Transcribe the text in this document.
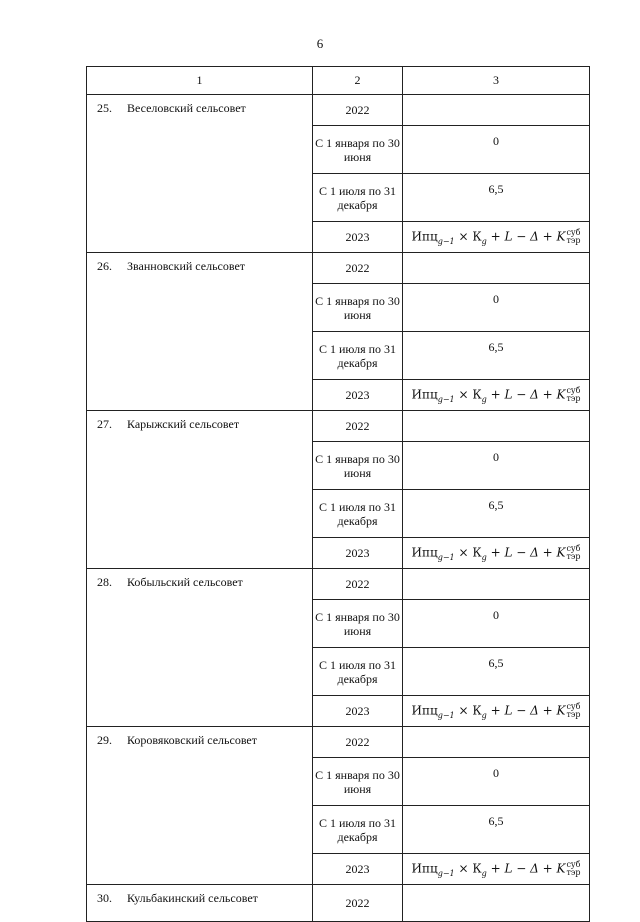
6
1	2	3
25. Веселовский сельсовет	2022	
	С 1 января по 30 июня	0
	С 1 июля по 31 декабря	6,5
	2023	$Ипц_{g-1} \times К_g + L - \Delta$ + Kсуб
тэр
26. Званновский сельсовет	2022	
	С 1 января по 30 июня	0
	С 1 июля по 31 декабря	6,5
	2023	$Ипц_{g-1} \times К_g + L - \Delta$ + Kсуб
тэр
27. Карыжский сельсовет	2022	
	С 1 января по 30 июня	0
	С 1 июля по 31 декабря	6,5
	2023	$Ипц_{g-1} \times К_g + L - \Delta$ + Kсуб
тэр
28. Кобыльский сельсовет	2022	
	С 1 января по 30 июня	0
	С 1 июля по 31 декабря	6,5
	2023	$Ипц_{g-1} \times К_g + L - \Delta$ + Kсуб
тэр
29. Коровяковский сельсовет	2022	
	С 1 января по 30 июня	0
	С 1 июля по 31 декабря	6,5
	2023	$Ипц_{g-1} \times К_g + L - \Delta$ + Kсуб
тэр
30. Кульбакинский сельсовет	2022	
